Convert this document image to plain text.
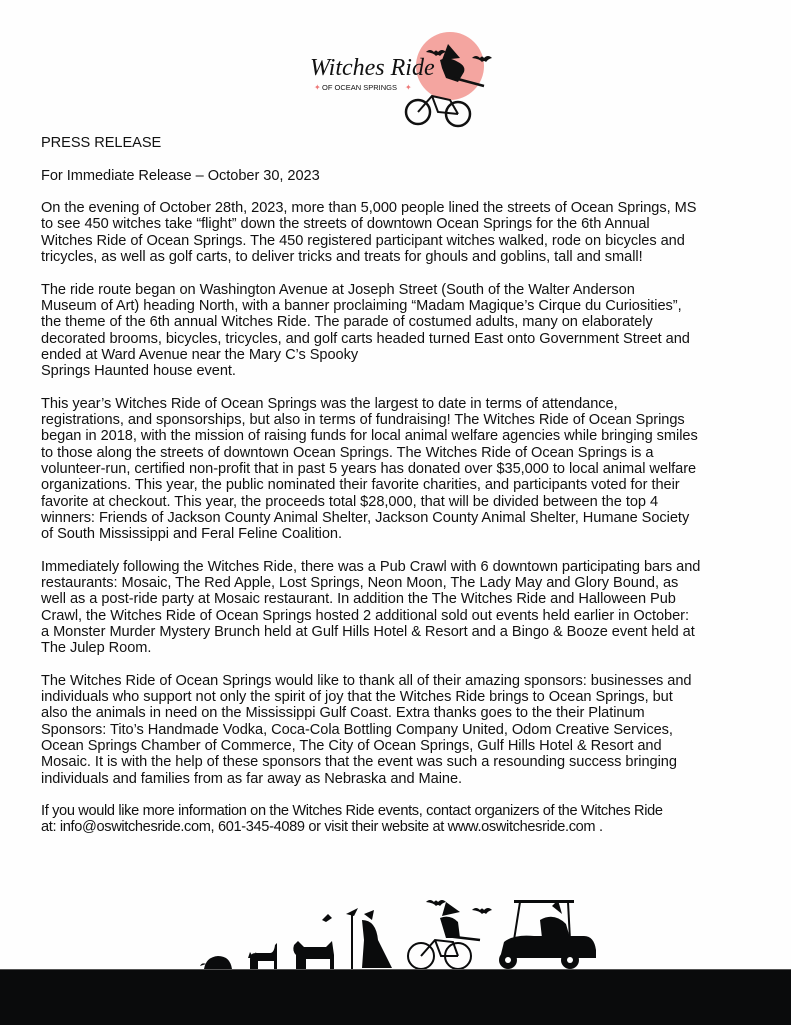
Witches Ride
OF OCEAN SPRINGS
✦	✦

PRESS RELEASE

For Immediate Release – October 30, 2023

On the evening of October 28th, 2023, more than 5,000 people lined the streets of Ocean Springs, MS
to see 450 witches take “flight” down the streets of downtown Ocean Springs for the 6th Annual
Witches Ride of Ocean Springs. The 450 registered participant witches walked, rode on bicycles and
tricycles, as well as golf carts, to deliver tricks and treats for ghouls and goblins, tall and small!

The ride route began on Washington Avenue at Joseph Street (South of the Walter Anderson
Museum of Art) heading North, with a banner proclaiming “Madam Magique’s Cirque du Curiosities”,
the theme of the 6th annual Witches Ride. The parade of costumed adults, many on elaborately
decorated brooms, bicycles, tricycles, and golf carts headed turned East onto Government Street and
ended at Ward Avenue near the Mary C’s Spooky
Springs Haunted house event.

This year’s Witches Ride of Ocean Springs was the largest to date in terms of attendance,
registrations, and sponsorships, but also in terms of fundraising! The Witches Ride of Ocean Springs
began in 2018, with the mission of raising funds for local animal welfare agencies while bringing smiles
to those along the streets of downtown Ocean Springs. The Witches Ride of Ocean Springs is a
volunteer-run, certified non-profit that in past 5 years has donated over $35,000 to local animal welfare
organizations. This year, the public nominated their favorite charities, and participants voted for their
favorite at checkout. This year, the proceeds total $28,000, that will be divided between the top 4
winners: Friends of Jackson County Animal Shelter, Jackson County Animal Shelter, Humane Society
of South Mississippi and Feral Feline Coalition.

Immediately following the Witches Ride, there was a Pub Crawl with 6 downtown participating bars and
restaurants: Mosaic, The Red Apple, Lost Springs, Neon Moon, The Lady May and Glory Bound, as
well as a post-ride party at Mosaic restaurant. In addition the The Witches Ride and Halloween Pub
Crawl, the Witches Ride of Ocean Springs hosted 2 additional sold out events held earlier in October:
a Monster Murder Mystery Brunch held at Gulf Hills Hotel & Resort and a Bingo & Booze event held at
The Julep Room.

The Witches Ride of Ocean Springs would like to thank all of their amazing sponsors: businesses and
individuals who support not only the spirit of joy that the Witches Ride brings to Ocean Springs, but
also the animals in need on the Mississippi Gulf Coast. Extra thanks goes to the their Platinum
Sponsors: Tito’s Handmade Vodka, Coca-Cola Bottling Company United, Odom Creative Services,
Ocean Springs Chamber of Commerce, The City of Ocean Springs, Gulf Hills Hotel & Resort and
Mosaic. It is with the help of these sponsors that the event was such a resounding success bringing
individuals and families from as far away as Nebraska and Maine.

If you would like more information on the Witches Ride events, contact organizers of the Witches Ride
at: info@oswitchesride.com, 601-345-4089 or visit their website at www.oswitchesride.com .
